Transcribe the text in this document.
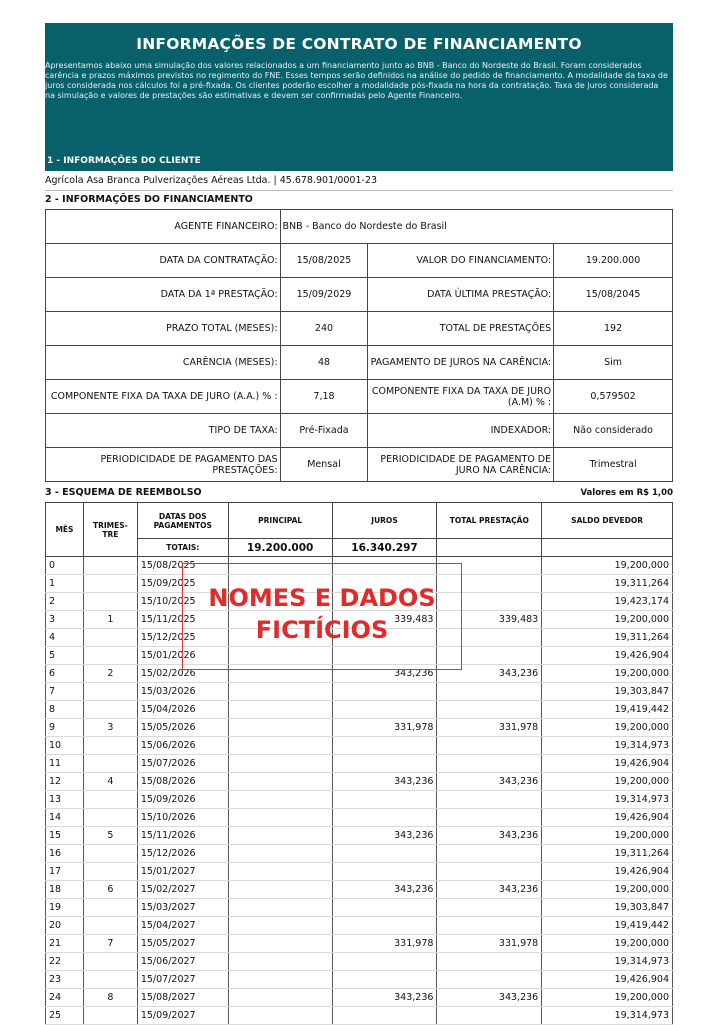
INFORMAÇÕES DE CONTRATO DE FINANCIAMENTO

Apresentamos abaixo uma simulação dos valores relacionados a um financiamento junto ao BNB - Banco do Nordeste do Brasil. Foram considerados carência e prazos máximos previstos no regimento do FNE. Esses tempos serão definidos na análise do pedido de financiamento. A modalidade da taxa de juros considerada nos cálculos foi a pré-fixada. Os clientes poderão escolher a modalidade pós-fixada na hora da contratação. Taxa de juros considerada na simulação e valores de prestações são estimativas e devem ser confirmadas pelo Agente Financeiro.

1 - INFORMAÇÕES DO CLIENTE
Agrícola Asa Branca Pulverizações Aéreas Ltda. | 45.678.901/0001-23
2 - INFORMAÇÕES DO FINANCIAMENTO
AGENTE FINANCEIRO:	BNB - Banco do Nordeste do Brasil		
DATA DA CONTRATAÇÃO:	15/08/2025	VALOR DO FINANCIAMENTO:	19.200.000
DATA DA 1ª PRESTAÇÃO:	15/09/2029	DATA ÚLTIMA PRESTAÇÃO:	15/08/2045
PRAZO TOTAL (MESES):	240	TOTAL DE PRESTAÇÕES	192
CARÊNCIA (MESES):	48	PAGAMENTO DE JUROS NA CARÊNCIA:	Sim
COMPONENTE FIXA DA TAXA DE JURO (A.A.) % :	7,18	COMPONENTE FIXA DA TAXA DE JURO (A.M) % :	0,579502
TIPO DE TAXA:	Pré-Fixada	INDEXADOR:	Não considerado
PERIODICIDADE DE PAGAMENTO DAS PRESTAÇÕES:	Mensal	PERIODICIDADE DE PAGAMENTO DE JURO NA CARÊNCIA:	Trimestral
3 - ESQUEMA DE REEMBOLSO	Valores em R$ 1,00
MÊS	TRIMES-TRE	DATAS DOS PAGAMENTOS	PRINCIPAL	JUROS	TOTAL PRESTAÇÃO	SALDO DEVEDOR
		TOTAIS:	19.200.000	16.340.297		
0		15/08/2025				19,200,000
1		15/09/2025				19,311,264
2		15/10/2025				19,423,174
3	1	15/11/2025		339,483	339,483	19,200,000
4		15/12/2025				19,311,264
5		15/01/2026				19,426,904
6	2	15/02/2026		343,236	343,236	19,200,000
7		15/03/2026				19,303,847
8		15/04/2026				19,419,442
9	3	15/05/2026		331,978	331,978	19,200,000
10		15/06/2026				19,314,973
11		15/07/2026				19,426,904
12	4	15/08/2026		343,236	343,236	19,200,000
13		15/09/2026				19,314,973
14		15/10/2026				19,426,904
15	5	15/11/2026		343,236	343,236	19,200,000
16		15/12/2026				19,311,264
17		15/01/2027				19,426,904
18	6	15/02/2027		343,236	343,236	19,200,000
19		15/03/2027				19,303,847
20		15/04/2027				19,419,442
21	7	15/05/2027		331,978	331,978	19,200,000
22		15/06/2027				19,314,973
23		15/07/2027				19,426,904
24	8	15/08/2027		343,236	343,236	19,200,000
25		15/09/2027				19,314,973
NOMES E DADOS
FICTÍCIOS
